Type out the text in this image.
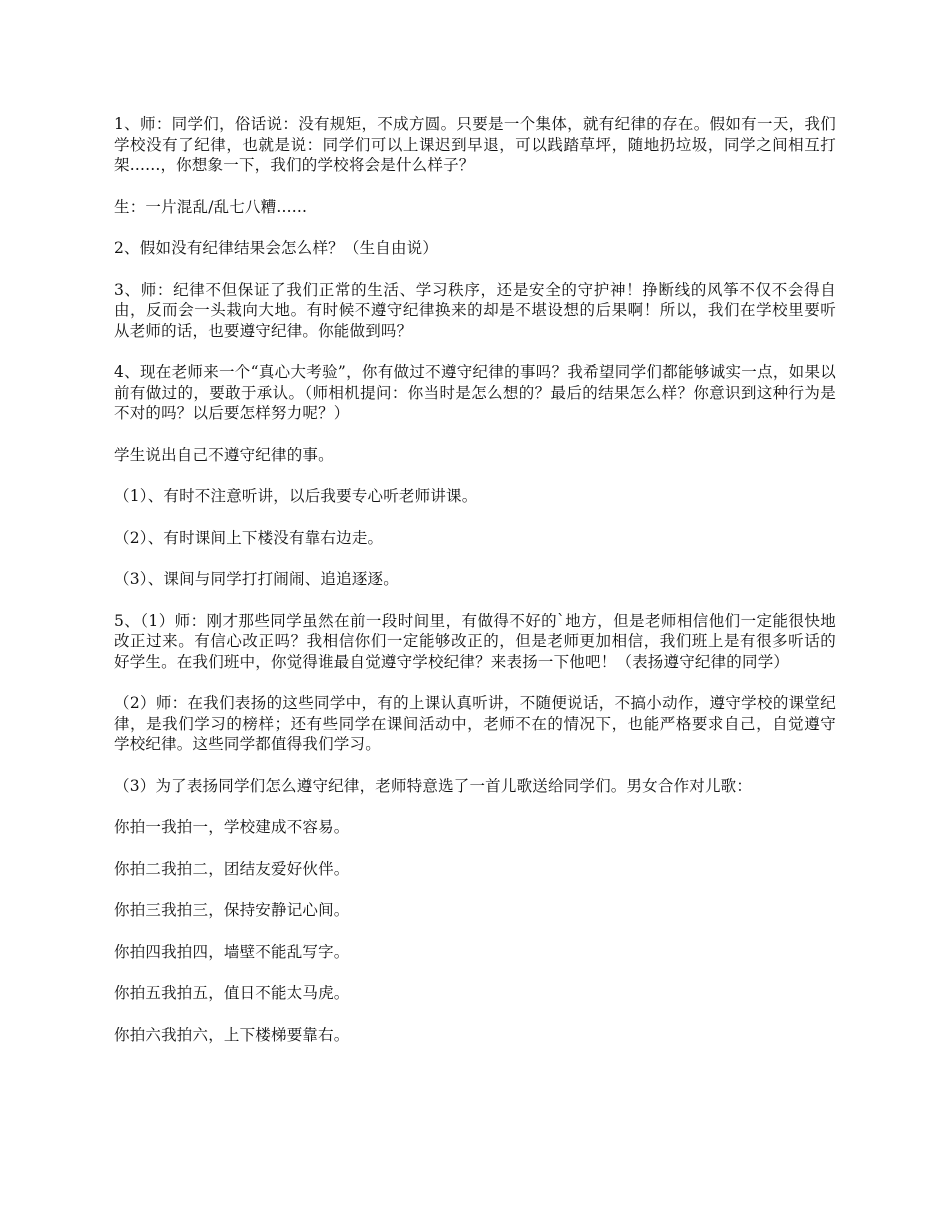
1、师：同学们，俗话说：没有规矩，不成方圆。只要是一个集体，就有纪律的存在。假如有一天，我们学校没有了纪律，也就是说：同学们可以上课迟到早退，可以践踏草坪，随地扔垃圾，同学之间相互打架......，你想象一下，我们的学校将会是什么样子？

生：一片混乱/乱七八糟......

2、假如没有纪律结果会怎么样？（生自由说）

3、师：纪律不但保证了我们正常的生活、学习秩序，还是安全的守护神！挣断线的风筝不仅不会得自由，反而会一头栽向大地。有时候不遵守纪律换来的却是不堪设想的后果啊！所以，我们在学校里要听从老师的话，也要遵守纪律。你能做到吗？

4、现在老师来一个“真心大考验”，你有做过不遵守纪律的事吗？我希望同学们都能够诚实一点，如果以前有做过的，要敢于承认。（师相机提问：你当时是怎么想的？最后的结果怎么样？你意识到这种行为是不对的吗？以后要怎样努力呢？）

学生说出自己不遵守纪律的事。

（1）、有时不注意听讲，以后我要专心听老师讲课。

（2）、有时课间上下楼没有靠右边走。

（3）、课间与同学打打闹闹、追追逐逐。

5、（1）师：刚才那些同学虽然在前一段时间里，有做得不好的`地方，但是老师相信他们一定能很快地改正过来。有信心改正吗？我相信你们一定能够改正的，但是老师更加相信，我们班上是有很多听话的好学生。在我们班中，你觉得谁最自觉遵守学校纪律？来表扬一下他吧！（表扬遵守纪律的同学）

（2）师：在我们表扬的这些同学中，有的上课认真听讲，不随便说话，不搞小动作，遵守学校的课堂纪律，是我们学习的榜样；还有些同学在课间活动中，老师不在的情况下，也能严格要求自己，自觉遵守学校纪律。这些同学都值得我们学习。

（3）为了表扬同学们怎么遵守纪律，老师特意选了一首儿歌送给同学们。男女合作对儿歌：

你拍一我拍一，学校建成不容易。

你拍二我拍二，团结友爱好伙伴。

你拍三我拍三，保持安静记心间。

你拍四我拍四，墙壁不能乱写字。

你拍五我拍五，值日不能太马虎。

你拍六我拍六，上下楼梯要靠右。
